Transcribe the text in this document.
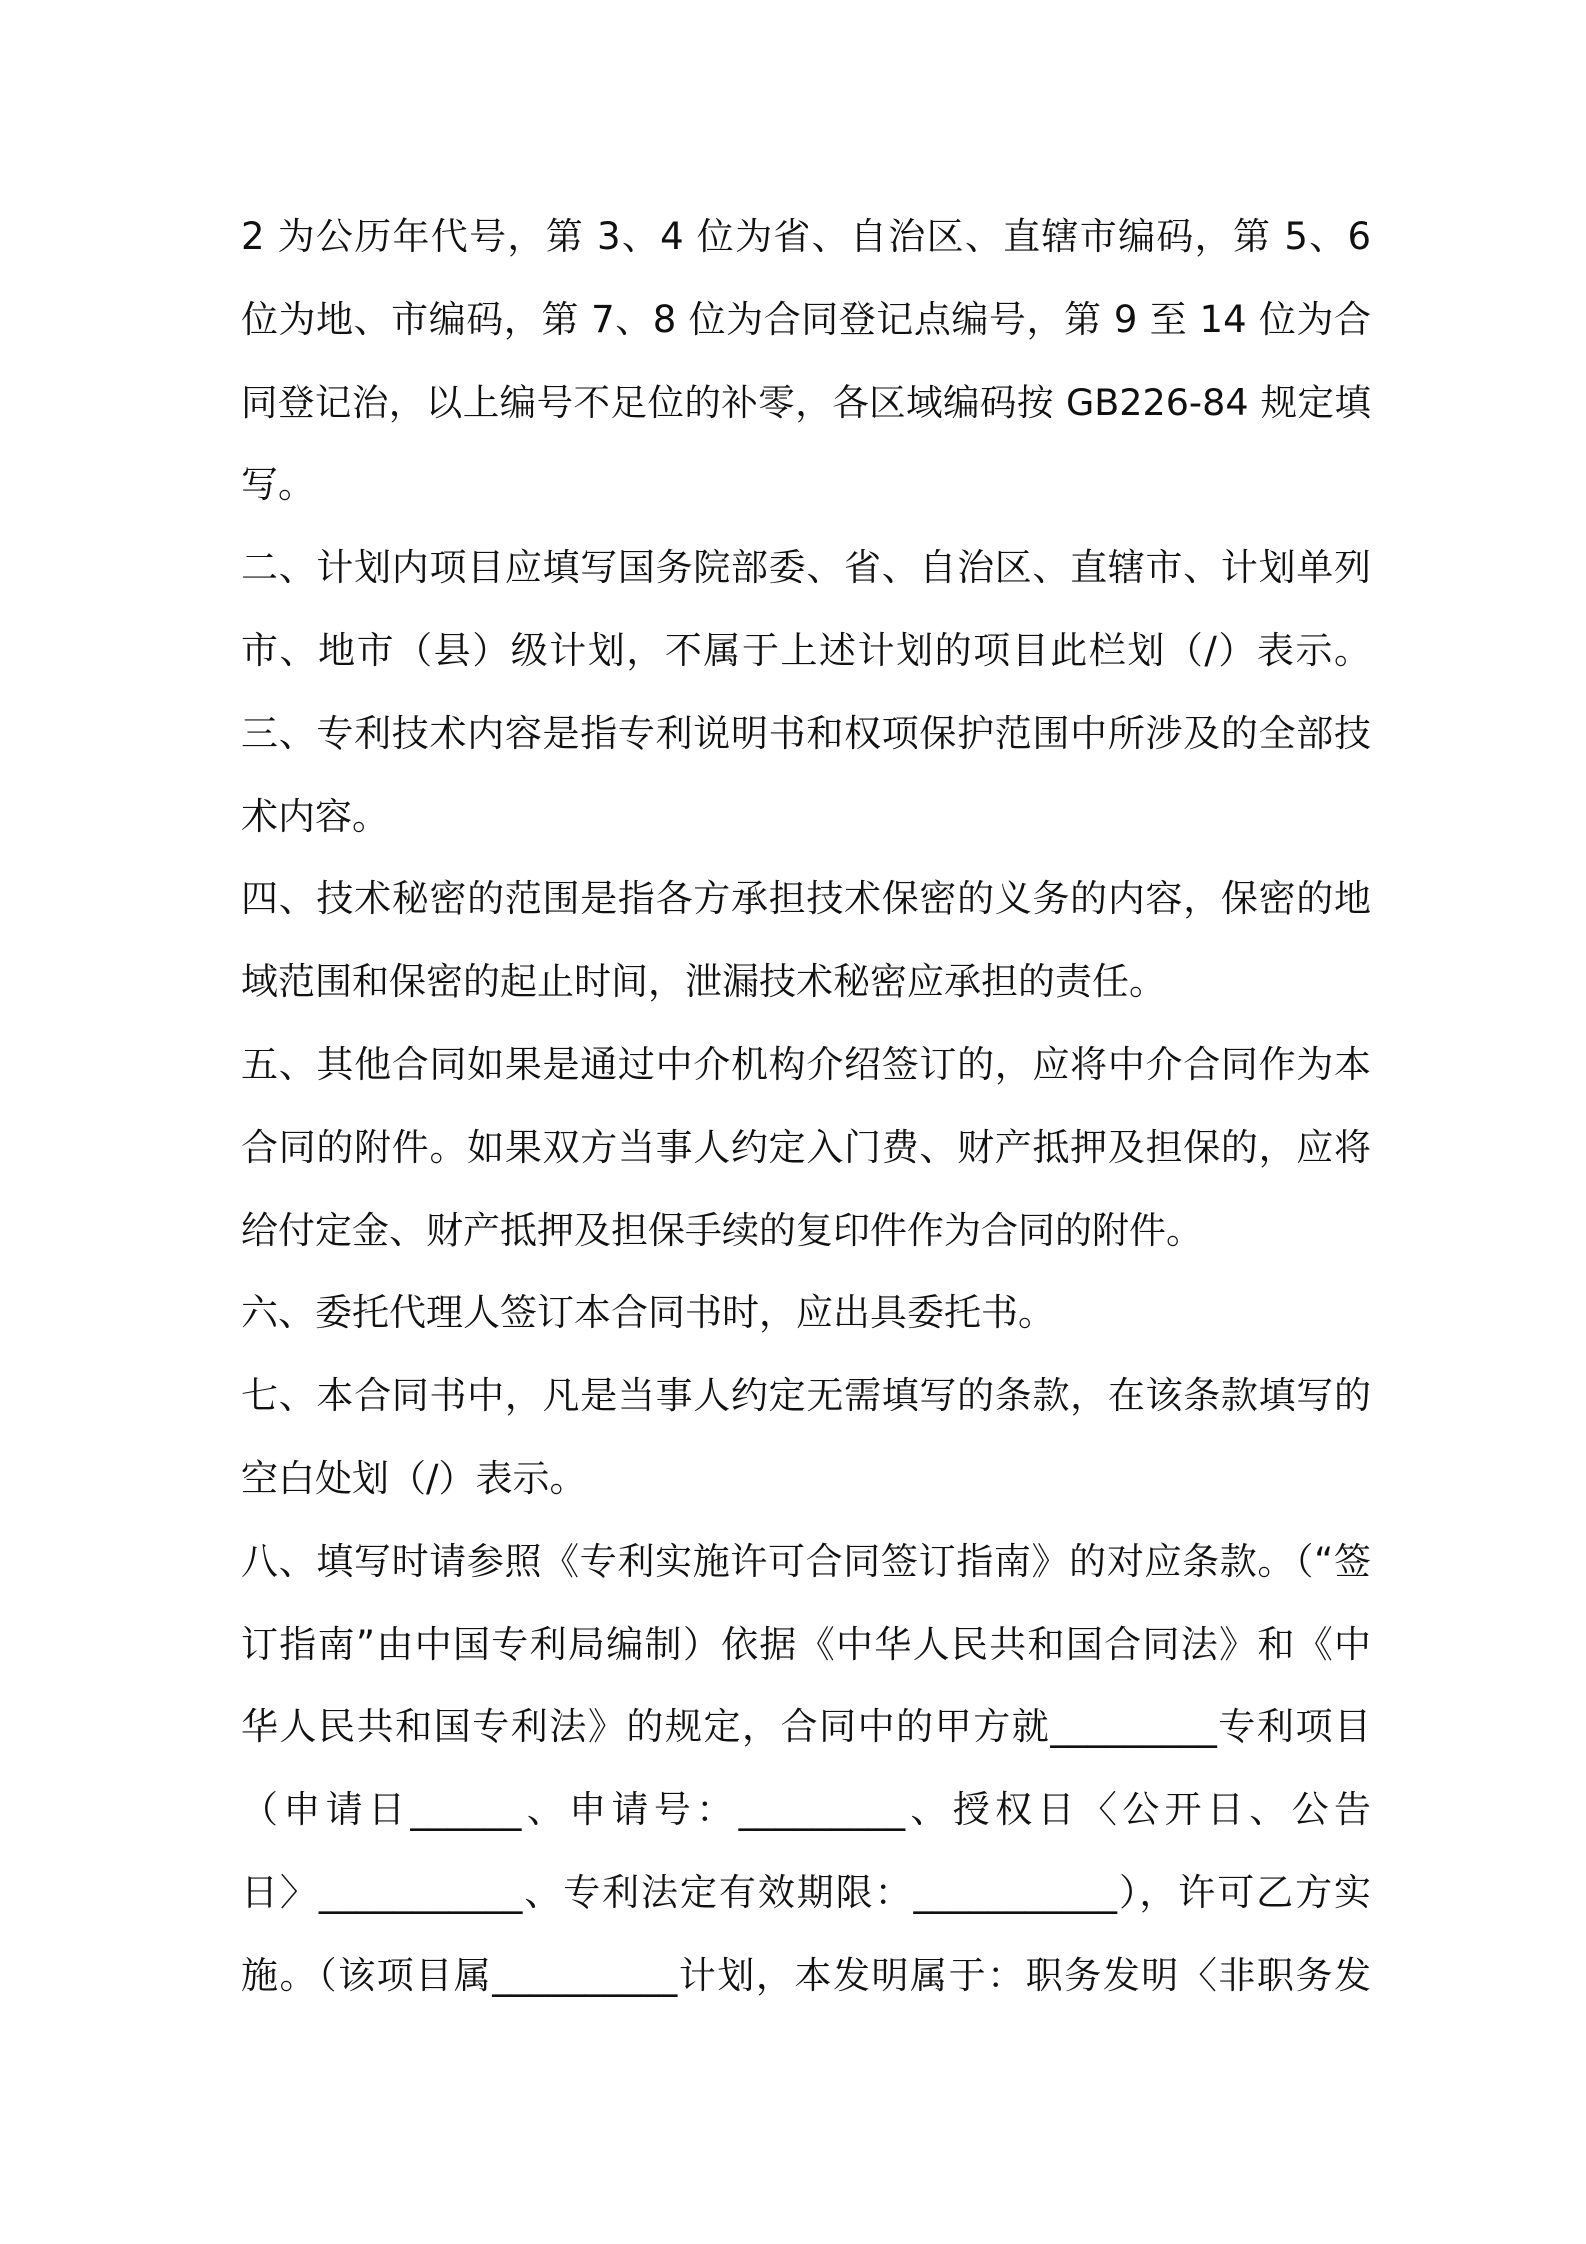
2 为公历年代号，第 3、4 位为省、自治区、直辖市编码，第 5、6
位为地、市编码，第 7、8 位为合同登记点编号，第 9 至 14 位为合
同登记治，以上编号不足位的补零，各区域编码按 GB226-84 规定填
写。
二、计划内项目应填写国务院部委、省、自治区、直辖市、计划单列
市、地市（县）级计划，不属于上述计划的项目此栏划（/）表示。
三、专利技术内容是指专利说明书和权项保护范围中所涉及的全部技
术内容。
四、技术秘密的范围是指各方承担技术保密的义务的内容，保密的地
域范围和保密的起止时间，泄漏技术秘密应承担的责任。
五、其他合同如果是通过中介机构介绍签订的，应将中介合同作为本
合同的附件。如果双方当事人约定入门费、财产抵押及担保的，应将
给付定金、财产抵押及担保手续的复印件作为合同的附件。
六、委托代理人签订本合同书时，应出具委托书。
七、本合同书中，凡是当事人约定无需填写的条款，在该条款填写的
空白处划（/）表示。
八、填写时请参照《专利实施许可合同签订指南》的对应条款。（“签
订指南”由中国专利局编制）依据《中华人民共和国合同法》和《中
华人民共和国专利法》的规定，合同中的甲方就_________专利项目
（申请日______、申请号：_________、授权日〈公开日、公告
日〉___________、专利法定有效期限：___________），许可乙方实
施。（该项目属__________计划，本发明属于：职务发明〈非职务发
